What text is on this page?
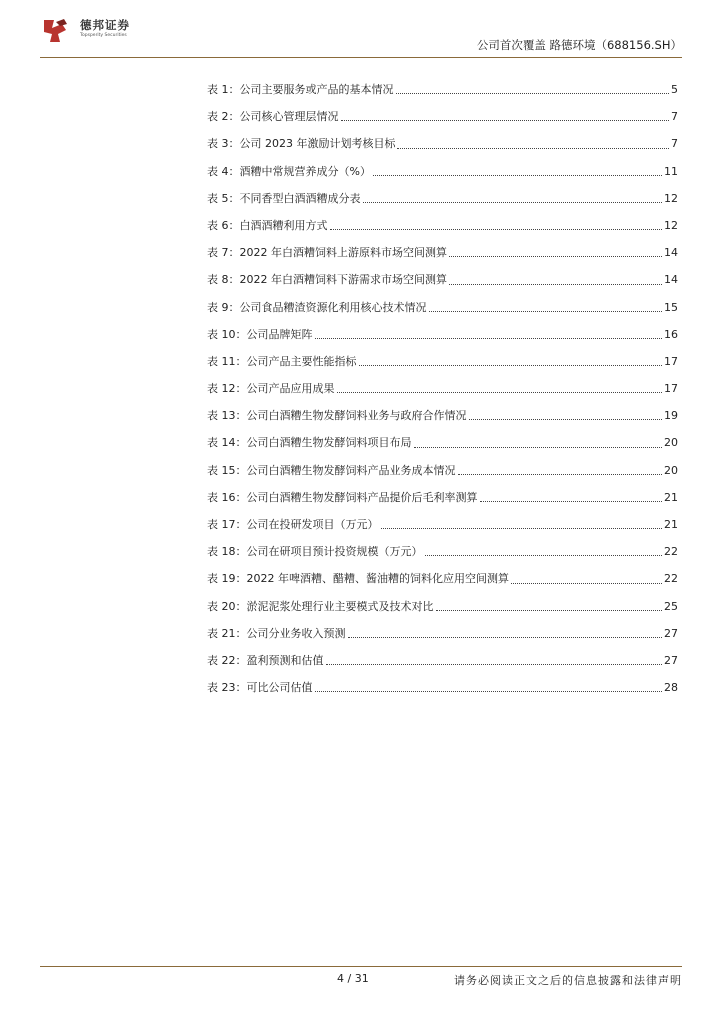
德邦证券
Topsperity Securities
公司首次覆盖 路德环境（688156.SH）
表 1：公司主要服务或产品的基本情况	5
表 2：公司核心管理层情况	7
表 3：公司 2023 年激励计划考核目标	7
表 4：酒糟中常规营养成分（%）	11
表 5：不同香型白酒酒糟成分表	12
表 6：白酒酒糟利用方式	12
表 7：2022 年白酒糟饲料上游原料市场空间测算	14
表 8：2022 年白酒糟饲料下游需求市场空间测算	14
表 9：公司食品糟渣资源化利用核心技术情况	15
表 10：公司品牌矩阵	16
表 11：公司产品主要性能指标	17
表 12：公司产品应用成果	17
表 13：公司白酒糟生物发酵饲料业务与政府合作情况	19
表 14：公司白酒糟生物发酵饲料项目布局	20
表 15：公司白酒糟生物发酵饲料产品业务成本情况	20
表 16：公司白酒糟生物发酵饲料产品提价后毛利率测算	21
表 17：公司在投研发项目（万元）	21
表 18：公司在研项目预计投资规模（万元）	22
表 19：2022 年啤酒糟、醋糟、酱油糟的饲料化应用空间测算	22
表 20：淤泥泥浆处理行业主要模式及技术对比	25
表 21：公司分业务收入预测	27
表 22：盈利预测和估值	27
表 23：可比公司估值	28
4 / 31	请务必阅读正文之后的信息披露和法律声明
